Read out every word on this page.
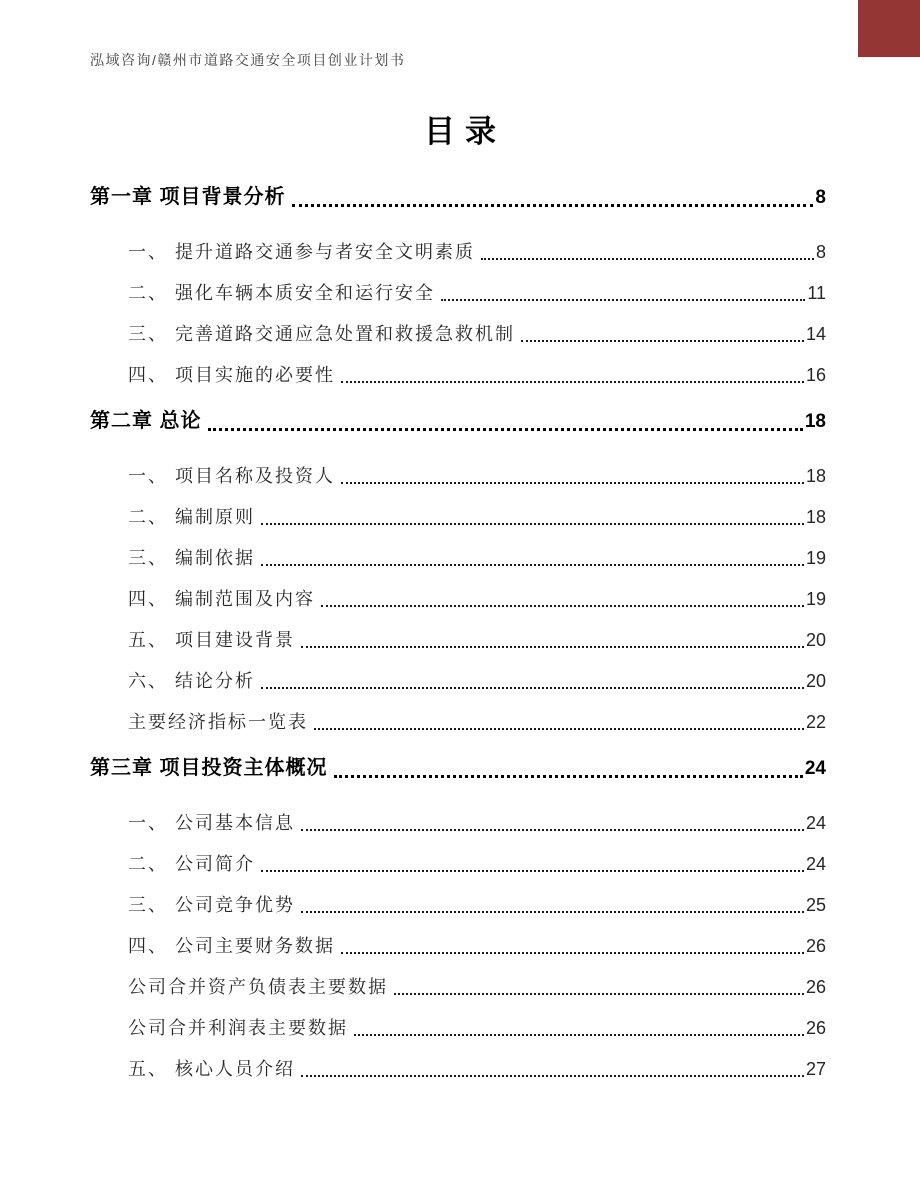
泓域咨询/赣州市道路交通安全项目创业计划书
目录
第一章 项目背景分析	8
一、 提升道路交通参与者安全文明素质	8
二、 强化车辆本质安全和运行安全	11
三、 完善道路交通应急处置和救援急救机制	14
四、 项目实施的必要性	16
第二章 总论	18
一、 项目名称及投资人	18
二、 编制原则	18
三、 编制依据	19
四、 编制范围及内容	19
五、 项目建设背景	20
六、 结论分析	20
主要经济指标一览表	22
第三章 项目投资主体概况	24
一、 公司基本信息	24
二、 公司简介	24
三、 公司竞争优势	25
四、 公司主要财务数据	26
公司合并资产负债表主要数据	26
公司合并利润表主要数据	26
五、 核心人员介绍	27
